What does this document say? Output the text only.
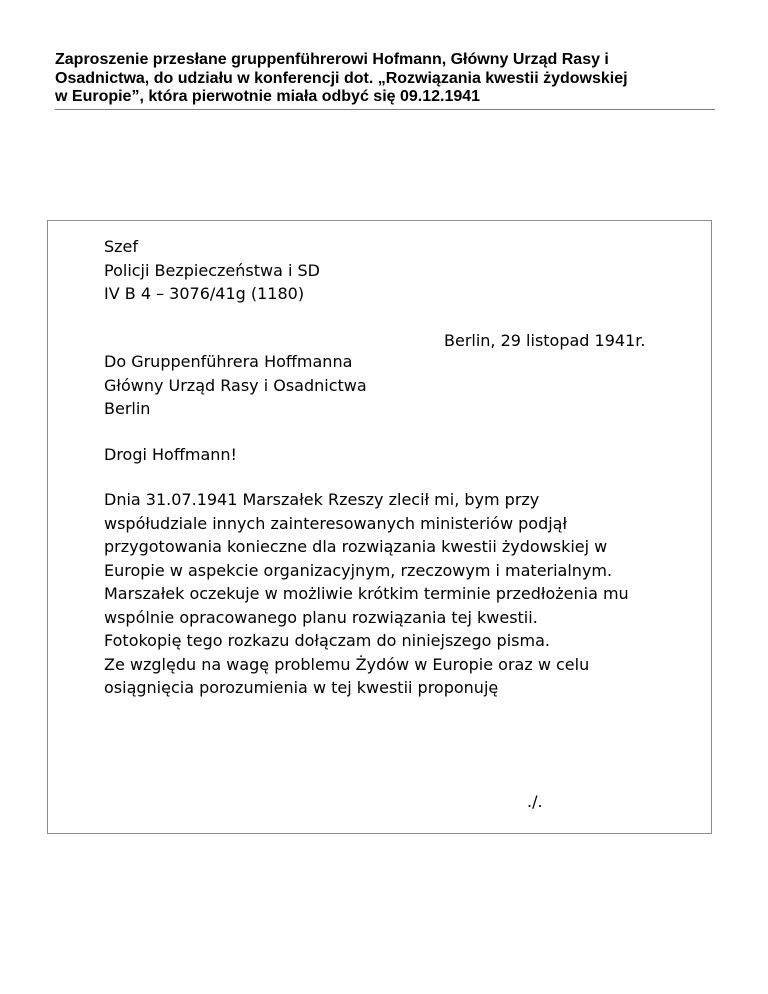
Zaproszenie przesłane gruppenführerowi Hofmann, Główny Urząd Rasy i
Osadnictwa, do udziału w konferencji dot. „Rozwiązania kwestii żydowskiej
w Europie”, która pierwotnie miała odbyć się 09.12.1941
Szef
Policji Bezpieczeństwa i SD
IV B 4 – 3076/41g (1180)
Berlin, 29 listopad 1941r.
Do Gruppenführera Hoffmanna
Główny Urząd Rasy i Osadnictwa
Berlin
Drogi Hoffmann!
Dnia 31.07.1941 Marszałek Rzeszy zlecił mi, bym przy
współudziale innych zainteresowanych ministeriów podjął
przygotowania konieczne dla rozwiązania kwestii żydowskiej w
Europie w aspekcie organizacyjnym, rzeczowym i materialnym.
Marszałek oczekuje w możliwie krótkim terminie przedłożenia mu
wspólnie opracowanego planu rozwiązania tej kwestii.
Fotokopię tego rozkazu dołączam do niniejszego pisma.
Ze względu na wagę problemu Żydów w Europie oraz w celu
osiągnięcia porozumienia w tej kwestii proponuję
./.
